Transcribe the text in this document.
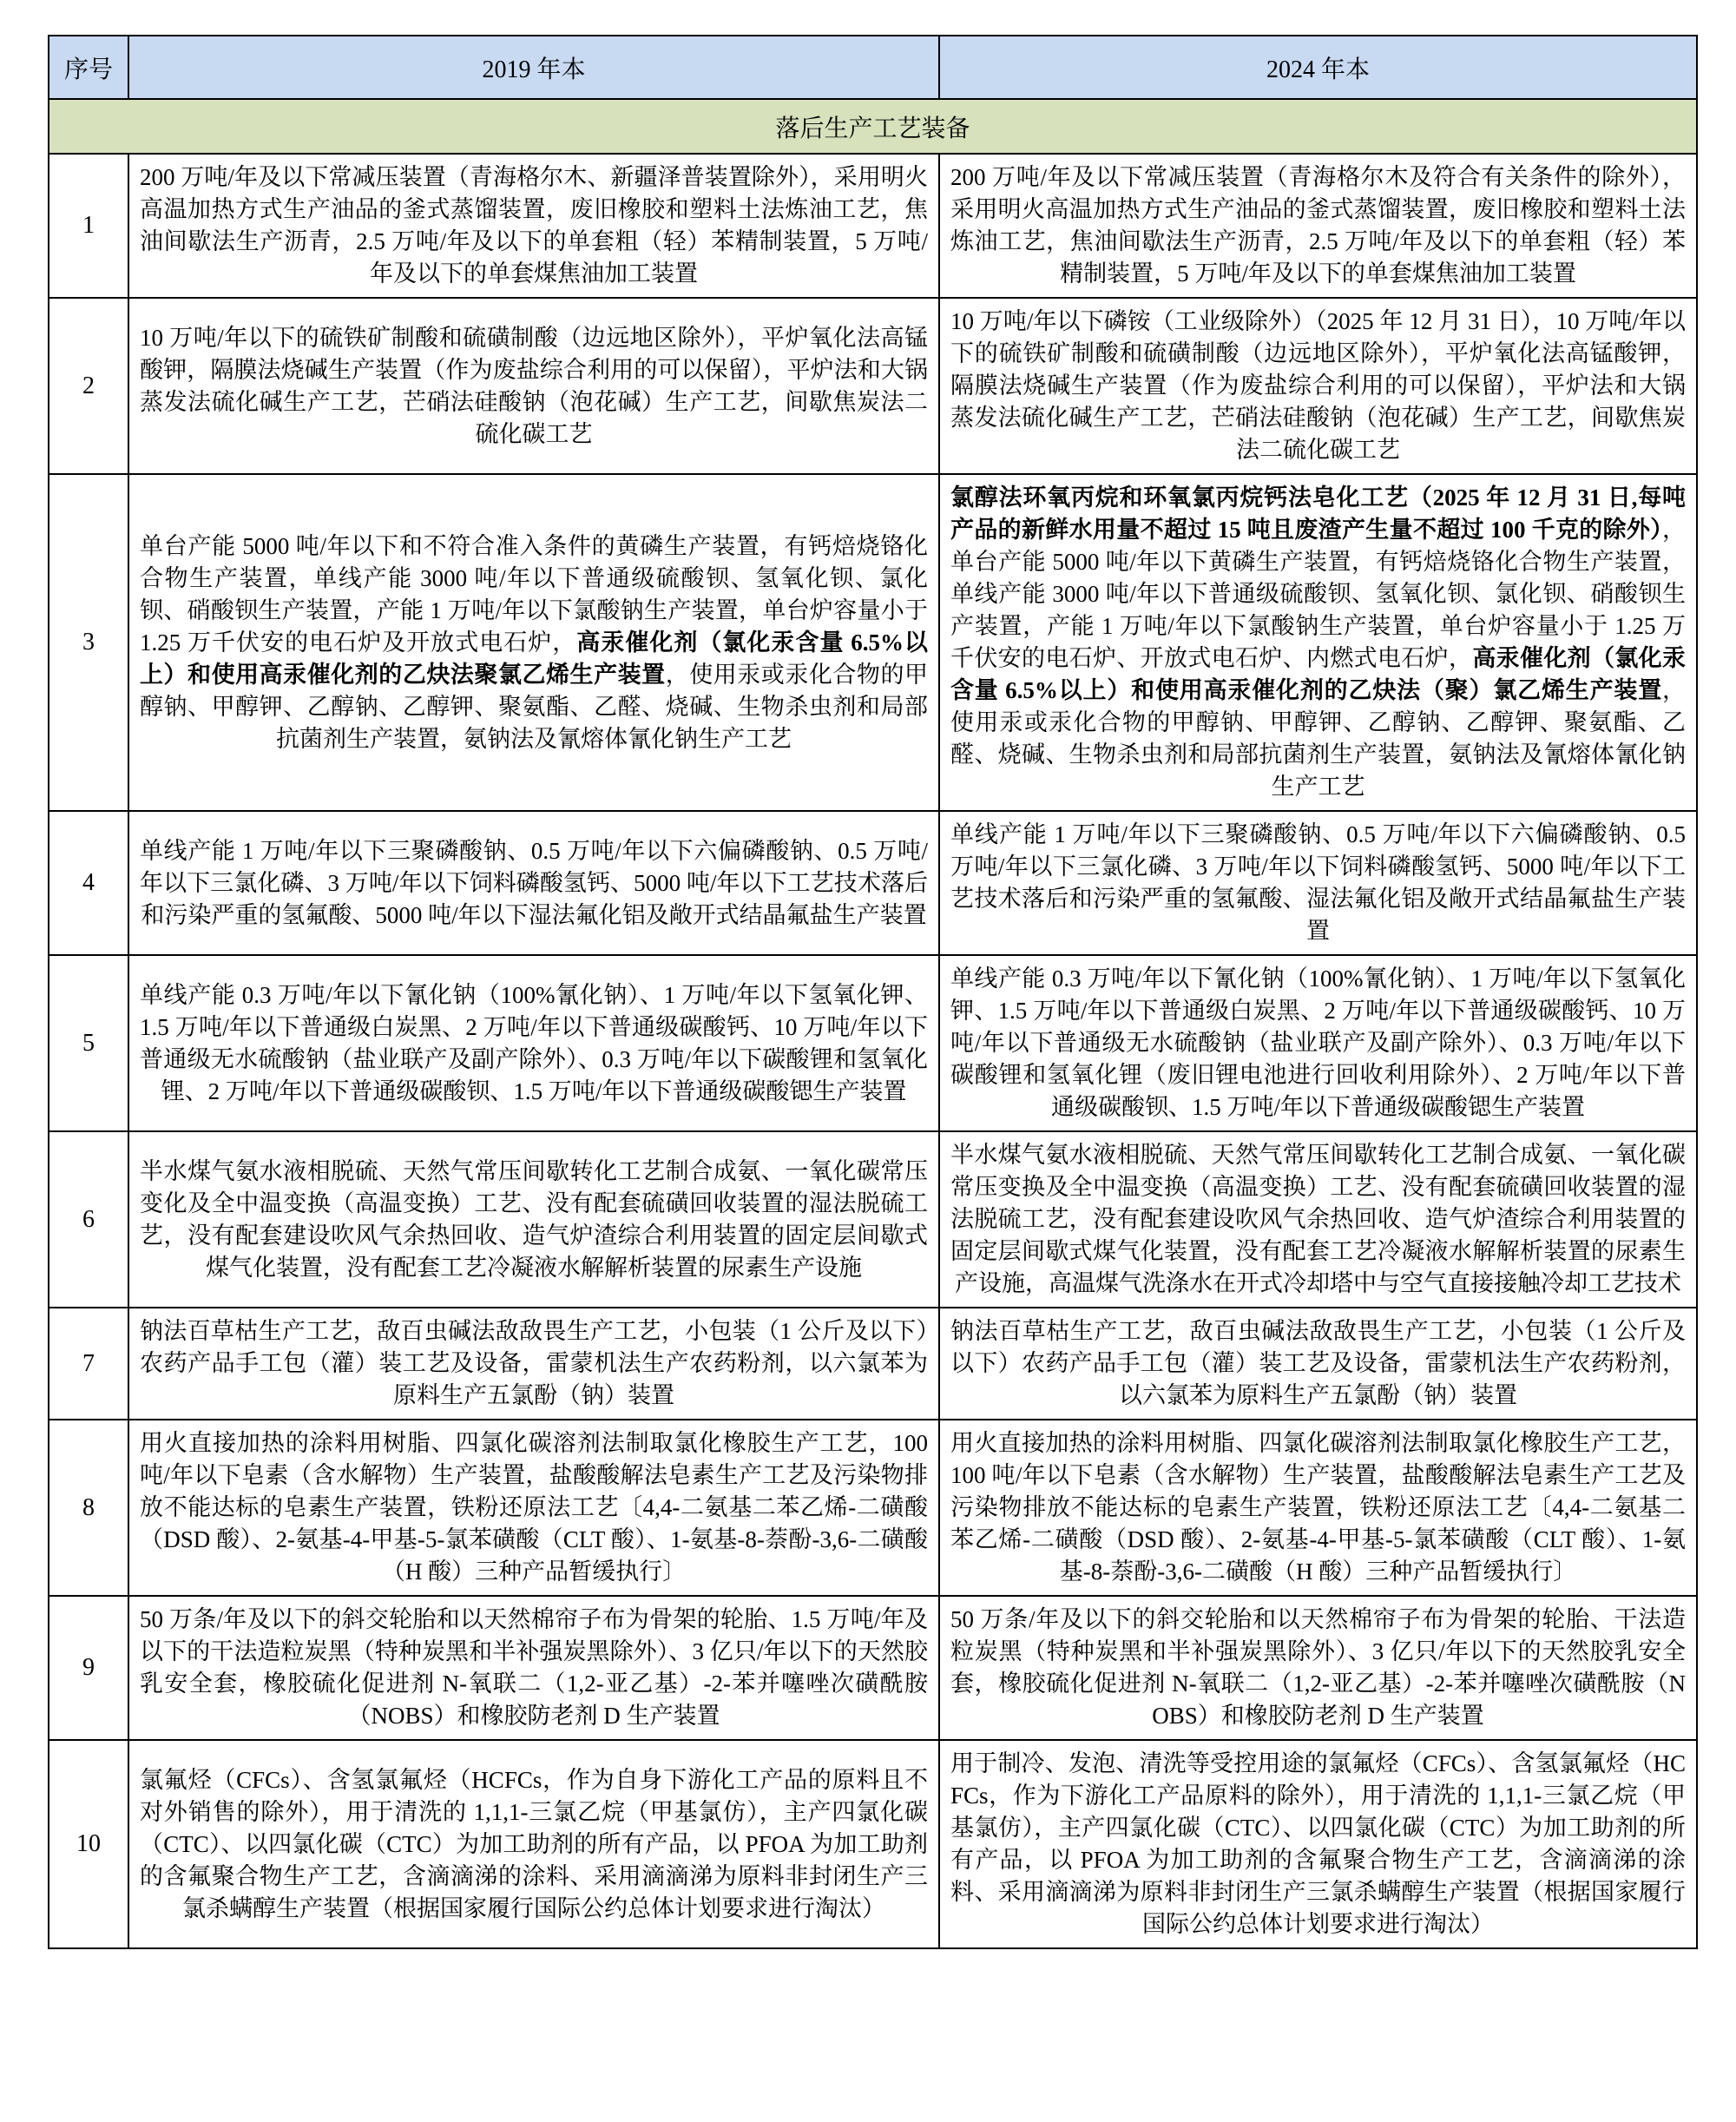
序号	2019 年本	2024 年本
落后生产工艺装备		
1	200 万吨/年及以下常减压装置（青海格尔木、新疆泽普装置除外），采用明火高温加热方式生产油品的釜式蒸馏装置，废旧橡胶和塑料土法炼油工艺，焦油间歇法生产沥青，2.5 万吨/年及以下的单套粗（轻）苯精制装置，5 万吨/年及以下的单套煤焦油加工装置	200 万吨/年及以下常减压装置（青海格尔木及符合有关条件的除外），采用明火高温加热方式生产油品的釜式蒸馏装置，废旧橡胶和塑料土法炼油工艺，焦油间歇法生产沥青，2.5 万吨/年及以下的单套粗（轻）苯精制装置，5 万吨/年及以下的单套煤焦油加工装置
2	10 万吨/年以下的硫铁矿制酸和硫磺制酸（边远地区除外），平炉氧化法高锰酸钾，隔膜法烧碱生产装置（作为废盐综合利用的可以保留），平炉法和大锅蒸发法硫化碱生产工艺，芒硝法硅酸钠（泡花碱）生产工艺，间歇焦炭法二硫化碳工艺	10 万吨/年以下磷铵（工业级除外）（2025 年 12 月 31 日），10 万吨/年以下的硫铁矿制酸和硫磺制酸（边远地区除外），平炉氧化法高锰酸钾，隔膜法烧碱生产装置（作为废盐综合利用的可以保留），平炉法和大锅蒸发法硫化碱生产工艺，芒硝法硅酸钠（泡花碱）生产工艺，间歇焦炭法二硫化碳工艺
3	单台产能 5000 吨/年以下和不符合准入条件的黄磷生产装置，有钙焙烧铬化合物生产装置，单线产能 3000 吨/年以下普通级硫酸钡、氢氧化钡、氯化钡、硝酸钡生产装置，产能 1 万吨/年以下氯酸钠生产装置，单台炉容量小于 1.25 万千伏安的电石炉及开放式电石炉，高汞催化剂（氯化汞含量 6.5%以上）和使用高汞催化剂的乙炔法聚氯乙烯生产装置，使用汞或汞化合物的甲醇钠、甲醇钾、乙醇钠、乙醇钾、聚氨酯、乙醛、烧碱、生物杀虫剂和局部抗菌剂生产装置，氨钠法及氰熔体氰化钠生产工艺	氯醇法环氧丙烷和环氧氯丙烷钙法皂化工艺（2025 年 12 月 31 日,每吨产品的新鲜水用量不超过 15 吨且废渣产生量不超过 100 千克的除外），单台产能 5000 吨/年以下黄磷生产装置，有钙焙烧铬化合物生产装置，单线产能 3000 吨/年以下普通级硫酸钡、氢氧化钡、氯化钡、硝酸钡生产装置，产能 1 万吨/年以下氯酸钠生产装置，单台炉容量小于 1.25 万千伏安的电石炉、开放式电石炉、内燃式电石炉，高汞催化剂（氯化汞含量 6.5%以上）和使用高汞催化剂的乙炔法（聚）氯乙烯生产装置，使用汞或汞化合物的甲醇钠、甲醇钾、乙醇钠、乙醇钾、聚氨酯、乙醛、烧碱、生物杀虫剂和局部抗菌剂生产装置，氨钠法及氰熔体氰化钠生产工艺
4	单线产能 1 万吨/年以下三聚磷酸钠、0.5 万吨/年以下六偏磷酸钠、0.5 万吨/年以下三氯化磷、3 万吨/年以下饲料磷酸氢钙、5000 吨/年以下工艺技术落后和污染严重的氢氟酸、5000 吨/年以下湿法氟化铝及敞开式结晶氟盐生产装置	单线产能 1 万吨/年以下三聚磷酸钠、0.5 万吨/年以下六偏磷酸钠、0.5 万吨/年以下三氯化磷、3 万吨/年以下饲料磷酸氢钙、5000 吨/年以下工艺技术落后和污染严重的氢氟酸、湿法氟化铝及敞开式结晶氟盐生产装置
5	单线产能 0.3 万吨/年以下氰化钠（100%氰化钠）、1 万吨/年以下氢氧化钾、1.5 万吨/年以下普通级白炭黑、2 万吨/年以下普通级碳酸钙、10 万吨/年以下普通级无水硫酸钠（盐业联产及副产除外）、0.3 万吨/年以下碳酸锂和氢氧化锂、2 万吨/年以下普通级碳酸钡、1.5 万吨/年以下普通级碳酸锶生产装置	单线产能 0.3 万吨/年以下氰化钠（100%氰化钠）、1 万吨/年以下氢氧化钾、1.5 万吨/年以下普通级白炭黑、2 万吨/年以下普通级碳酸钙、10 万吨/年以下普通级无水硫酸钠（盐业联产及副产除外）、0.3 万吨/年以下碳酸锂和氢氧化锂（废旧锂电池进行回收利用除外）、2 万吨/年以下普通级碳酸钡、1.5 万吨/年以下普通级碳酸锶生产装置
6	半水煤气氨水液相脱硫、天然气常压间歇转化工艺制合成氨、一氧化碳常压变化及全中温变换（高温变换）工艺、没有配套硫磺回收装置的湿法脱硫工艺，没有配套建设吹风气余热回收、造气炉渣综合利用装置的固定层间歇式煤气化装置，没有配套工艺冷凝液水解解析装置的尿素生产设施	半水煤气氨水液相脱硫、天然气常压间歇转化工艺制合成氨、一氧化碳常压变换及全中温变换（高温变换）工艺、没有配套硫磺回收装置的湿法脱硫工艺，没有配套建设吹风气余热回收、造气炉渣综合利用装置的固定层间歇式煤气化装置，没有配套工艺冷凝液水解解析装置的尿素生产设施，高温煤气洗涤水在开式冷却塔中与空气直接接触冷却工艺技术
7	钠法百草枯生产工艺，敌百虫碱法敌敌畏生产工艺，小包装（1 公斤及以下）农药产品手工包（灌）装工艺及设备，雷蒙机法生产农药粉剂，以六氯苯为原料生产五氯酚（钠）装置	钠法百草枯生产工艺，敌百虫碱法敌敌畏生产工艺，小包装（1 公斤及以下）农药产品手工包（灌）装工艺及设备，雷蒙机法生产农药粉剂，以六氯苯为原料生产五氯酚（钠）装置
8	用火直接加热的涂料用树脂、四氯化碳溶剂法制取氯化橡胶生产工艺，100 吨/年以下皂素（含水解物）生产装置，盐酸酸解法皂素生产工艺及污染物排放不能达标的皂素生产装置，铁粉还原法工艺〔4,4-二氨基二苯乙烯-二磺酸（DSD 酸）、2-氨基-4-甲基-5-氯苯磺酸（CLT 酸）、1-氨基-8-萘酚-3,6-二磺酸（H 酸）三种产品暂缓执行〕	用火直接加热的涂料用树脂、四氯化碳溶剂法制取氯化橡胶生产工艺，100 吨/年以下皂素（含水解物）生产装置，盐酸酸解法皂素生产工艺及污染物排放不能达标的皂素生产装置，铁粉还原法工艺〔4,4-二氨基二苯乙烯-二磺酸（DSD 酸）、2-氨基-4-甲基-5-氯苯磺酸（CLT 酸）、1-氨基-8-萘酚-3,6-二磺酸（H 酸）三种产品暂缓执行〕
9	50 万条/年及以下的斜交轮胎和以天然棉帘子布为骨架的轮胎、1.5 万吨/年及以下的干法造粒炭黑（特种炭黑和半补强炭黑除外）、3 亿只/年以下的天然胶乳安全套，橡胶硫化促进剂 N-氧联二（1,2-亚乙基）-2-苯并噻唑次磺酰胺（NOBS）和橡胶防老剂 D 生产装置	50 万条/年及以下的斜交轮胎和以天然棉帘子布为骨架的轮胎、干法造粒炭黑（特种炭黑和半补强炭黑除外）、3 亿只/年以下的天然胶乳安全套，橡胶硫化促进剂 N-氧联二（1,2-亚乙基）-2-苯并噻唑次磺酰胺（NOBS）和橡胶防老剂 D 生产装置
10	氯氟烃（CFCs）、含氢氯氟烃（HCFCs，作为自身下游化工产品的原料且不对外销售的除外），用于清洗的 1,1,1-三氯乙烷（甲基氯仿），主产四氯化碳（CTC）、以四氯化碳（CTC）为加工助剂的所有产品，以 PFOA 为加工助剂的含氟聚合物生产工艺，含滴滴涕的涂料、采用滴滴涕为原料非封闭生产三氯杀螨醇生产装置（根据国家履行国际公约总体计划要求进行淘汰）	用于制冷、发泡、清洗等受控用途的氯氟烃（CFCs）、含氢氯氟烃（HCFCs，作为下游化工产品原料的除外），用于清洗的 1,1,1-三氯乙烷（甲基氯仿），主产四氯化碳（CTC）、以四氯化碳（CTC）为加工助剂的所有产品，以 PFOA 为加工助剂的含氟聚合物生产工艺，含滴滴涕的涂料、采用滴滴涕为原料非封闭生产三氯杀螨醇生产装置（根据国家履行国际公约总体计划要求进行淘汰）
